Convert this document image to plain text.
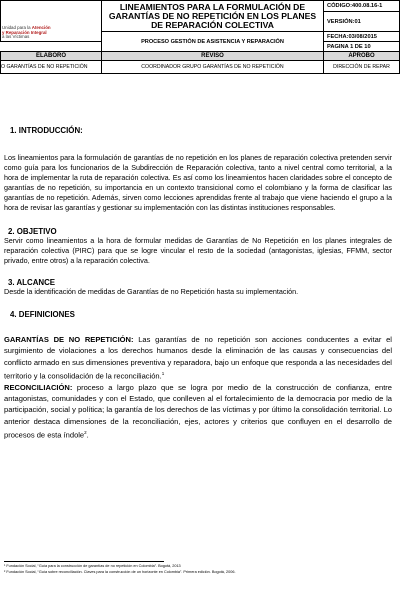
Unidad para la Atención
y Reparación Integral
a las Víctimas	LINEAMIENTOS PARA LA FORMULACIÓN DE GARANTÍAS DE NO REPETICIÓN EN LOS PLANES DE REPARACIÓN COLECTIVA	CÓDIGO:400.08.16-1
		VERSIÓN:01

	PROCESO GESTIÓN DE ASISTENCIA Y REPARACIÓN	FECHA:03/08/2015
		PAGINA 1 DE 10
ELABORÓ	REVISÓ	APROBÓ
O GARANTÍAS DE NO REPETICIÓN	COORDINADOR GRUPO GARANTÍAS DE NO REPETICIÓN	DIRECCIÓN DE REPAR

1. INTRODUCCIÓN:

Los lineamientos para la formulación de garantías de no repetición en los planes de reparación colectiva pretenden servir como guía para los funcionarios de la Subdirección de Reparación colectiva, tanto a nivel central como territorial, a la hora de implementar la ruta de reparación colectiva. Es así como los lineamientos hacen claridades sobre el concepto de garantías de no repetición, su importancia en un contexto transicional como el colombiano y la forma de clasificar las garantías de no repetición. Además, sirven como lecciones aprendidas frente al trabajo que viene haciendo el grupo a la hora de revisar las garantías y gestionar su implementación con las distintas instituciones responsables.

2. OBJETIVO

Servir como lineamientos a la hora de formular medidas de Garantías de No Repetición en los planes integrales de reparación colectiva (PIRC) para que se logre vincular el resto de la sociedad (antagonistas, iglesias, FFMM, sector privado, entre otros) a la reparación colectiva.

3. ALCANCE

Desde la identificación de medidas de Garantías de no Repetición hasta su implementación.

4. DEFINICIONES

GARANTÍAS DE NO REPETICIÓN: Las garantías de no repetición son acciones conducentes a evitar el surgimiento de violaciones a los derechos humanos desde la eliminación de las causas y consecuencias del conflicto armado en sus dimensiones preventiva y reparadora, bajo un enfoque que responda a las necesidades del territorio y la consolidación de la reconciliación.$^1$

RECONCILIACIÓN: proceso a largo plazo que se logra por medio de la construcción de confianza, entre antagonistas, comunidades y con el Estado, que conlleven al el fortalecimiento de la democracia por medio de la participación, social y política; la garantía de los derechos de las víctimas y por último la consolidación territorial. Lo anterior destaca dimensiones de la reconciliación, ejes, actores y criterios que confluyen en el desarrollo de procesos de esta índole$^2$.

¹ Fundación Social, “Guía para la construcción de garantías de no repetición en Colombia”. Bogotá, 2013
² Fundación Social, “Guía sobre reconciliación. Claves para la construcción de un horizonte en Colombia”. Primera edición. Bogotá, 2006.
